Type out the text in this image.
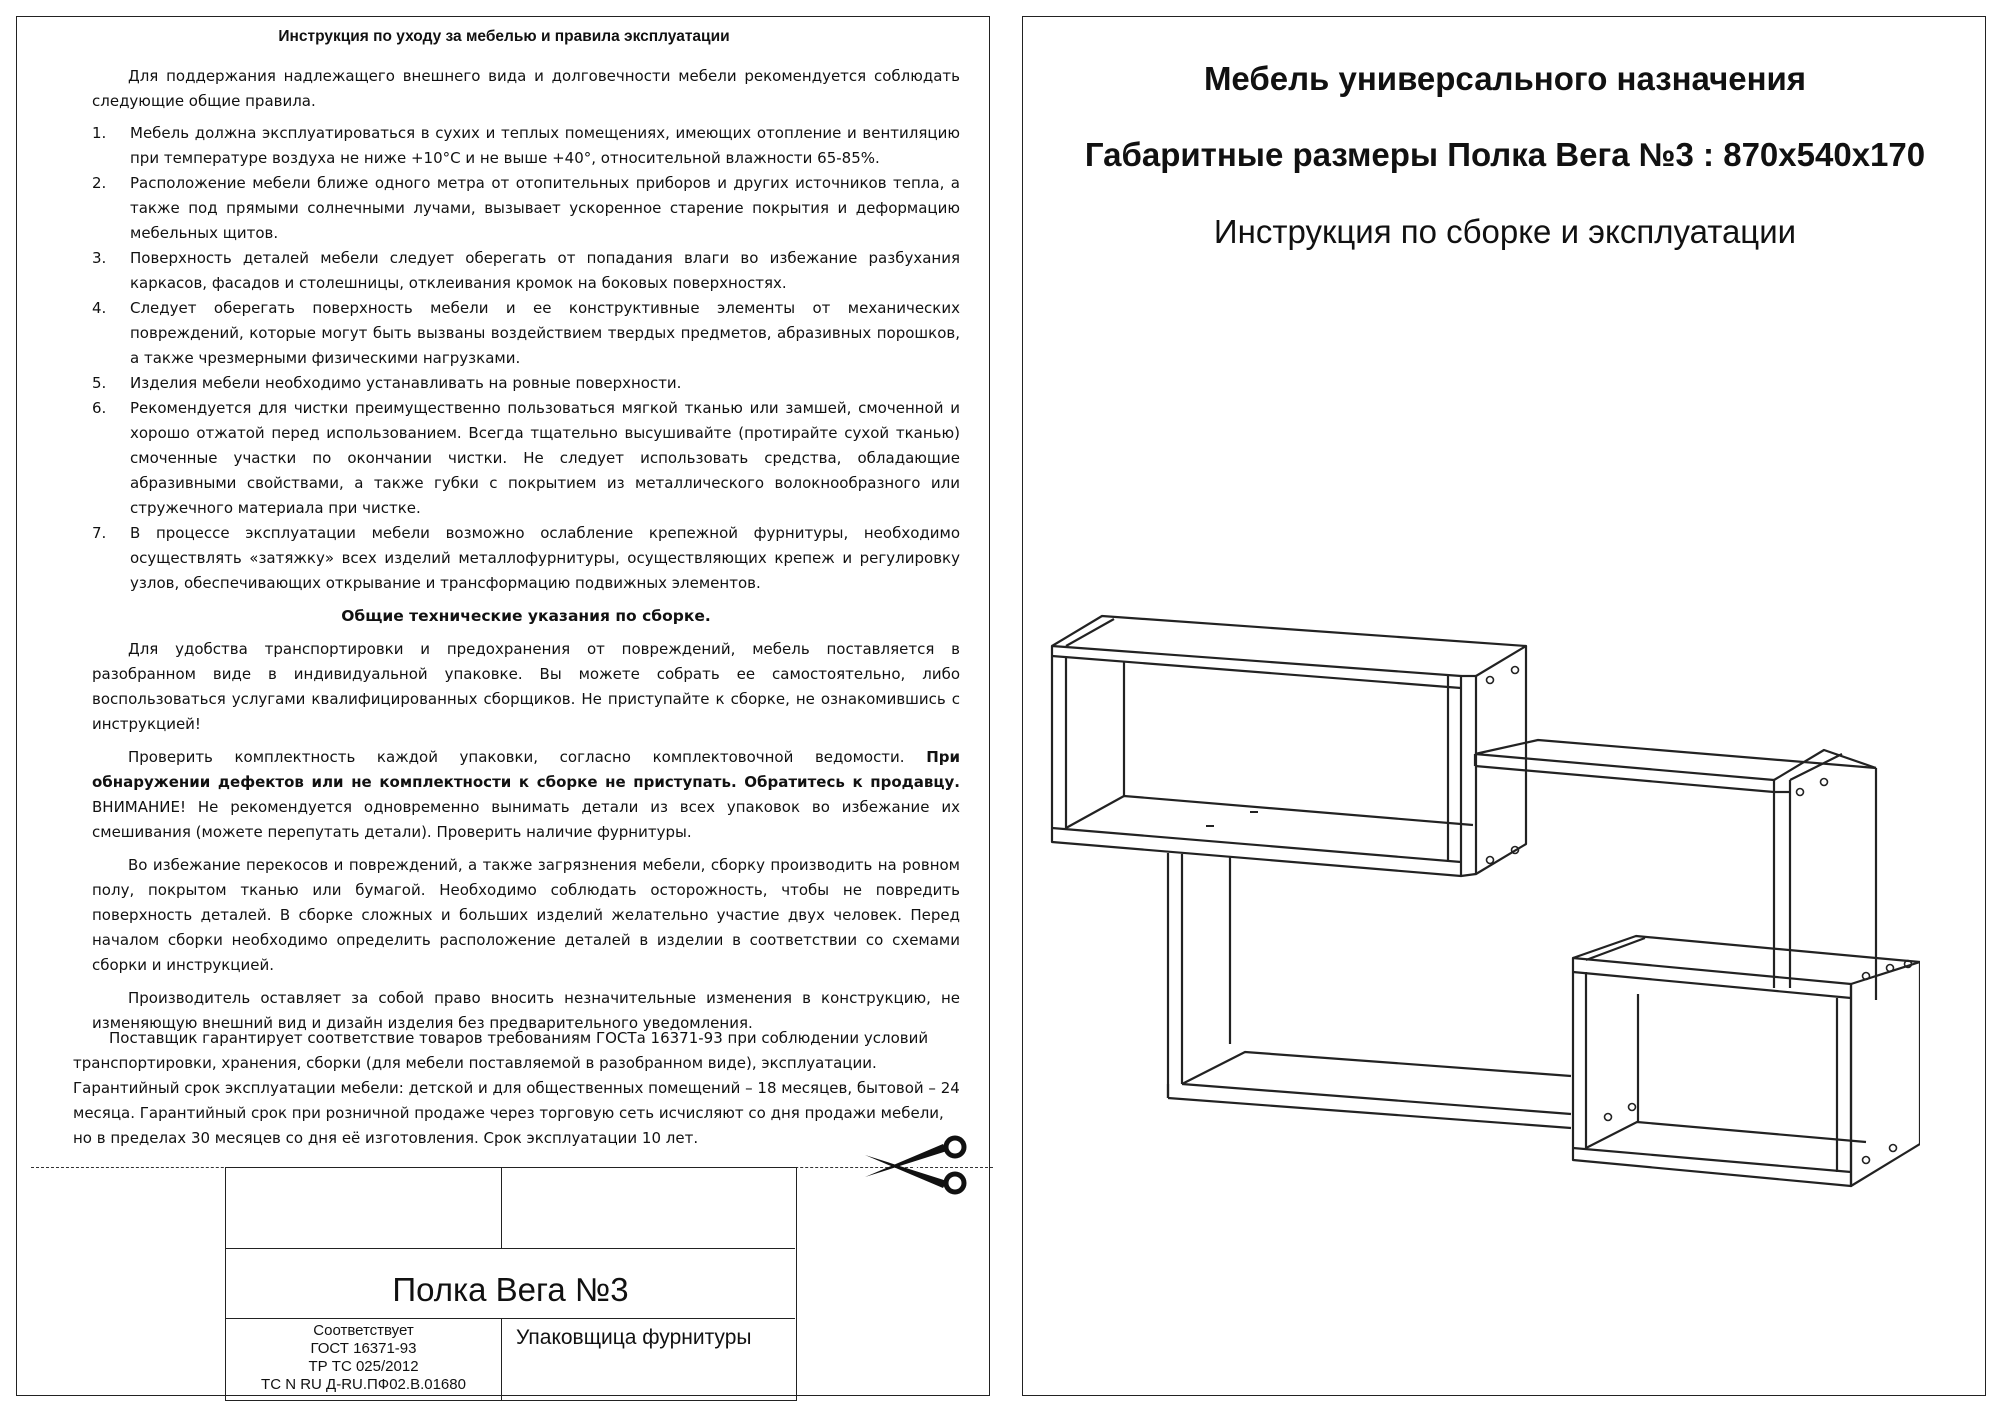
Инструкция по уходу за мебелью и правила эксплуатации

Для поддержания надлежащего внешнего вида и долговечности мебели рекомендуется соблюдать следующие общие правила.

1. Мебель должна эксплуатироваться в сухих и теплых помещениях, имеющих отопление и вентиляцию при температуре воздуха не ниже +10°С и не выше +40°, относительной влажности 65-85%.
2. Расположение мебели ближе одного метра от отопительных приборов и других источников тепла, а также под прямыми солнечными лучами, вызывает ускоренное старение покрытия и деформацию мебельных щитов.
3. Поверхность деталей мебели следует оберегать от попадания влаги во избежание разбухания каркасов, фасадов и столешницы, отклеивания кромок на боковых поверхностях.
4. Следует оберегать поверхность мебели и ее конструктивные элементы от механических повреждений, которые могут быть вызваны воздействием твердых предметов, абразивных порошков, а также чрезмерными физическими нагрузками.
5. Изделия мебели необходимо устанавливать на ровные поверхности.
6. Рекомендуется для чистки преимущественно пользоваться мягкой тканью или замшей, смоченной и хорошо отжатой перед использованием. Всегда тщательно высушивайте (протирайте сухой тканью) смоченные участки по окончании чистки. Не следует использовать средства, обладающие абразивными свойствами, а также губки с покрытием из металлического волокнообразного или стружечного материала при чистке.
7. В процессе эксплуатации мебели возможно ослабление крепежной фурнитуры, необходимо осуществлять «затяжку» всех изделий металлофурнитуры, осуществляющих крепеж и регулировку узлов, обеспечивающих открывание и трансформацию подвижных элементов.
Общие технические указания по сборке.

Для удобства транспортировки и предохранения от повреждений, мебель поставляется в разобранном виде в индивидуальной упаковке. Вы можете собрать ее самостоятельно, либо воспользоваться услугами квалифицированных сборщиков. Не приступайте к сборке, не ознакомившись с инструкцией!

Проверить комплектность каждой упаковки, согласно комплектовочной ведомости. При обнаружении дефектов или не комплектности к сборке не приступать. Обратитесь к продавцу. ВНИМАНИЕ! Не рекомендуется одновременно вынимать детали из всех упаковок во избежание их смешивания (можете перепутать детали). Проверить наличие фурнитуры.

Во избежание перекосов и повреждений, а также загрязнения мебели, сборку производить на ровном полу, покрытом тканью или бумагой. Необходимо соблюдать осторожность, чтобы не повредить поверхность деталей. В сборке сложных и больших изделий желательно участие двух человек. Перед началом сборки необходимо определить расположение деталей в изделии в соответствии со схемами сборки и инструкцией.

Производитель оставляет за собой право вносить незначительные изменения в конструкцию, не изменяющую внешний вид и дизайн изделия без предварительного уведомления.

Поставщик гарантирует соответствие товаров требованиям ГОСТа 16371-93 при соблюдении условий
транспортировки, хранения, сборки (для мебели поставляемой в разобранном виде), эксплуатации.
Гарантийный срок эксплуатации мебели: детской и для общественных помещений – 18 месяцев, бытовой – 24
месяца. Гарантийный срок при розничной продаже через торговую сеть исчисляют со дня продажи мебели,
но в пределах 30 месяцев со дня её изготовления. Срок эксплуатации 10 лет.
Полка Вега №3
Соответствует
ГОСТ 16371-93
ТР ТС 025/2012
ТС N RU Д-RU.ПФ02.В.01680
Упаковщица фурнитуры
Мебель универсального назначения
Габаритные размеры Полка Вега №3 : 870х540х170
Инструкция по сборке и эксплуатации
